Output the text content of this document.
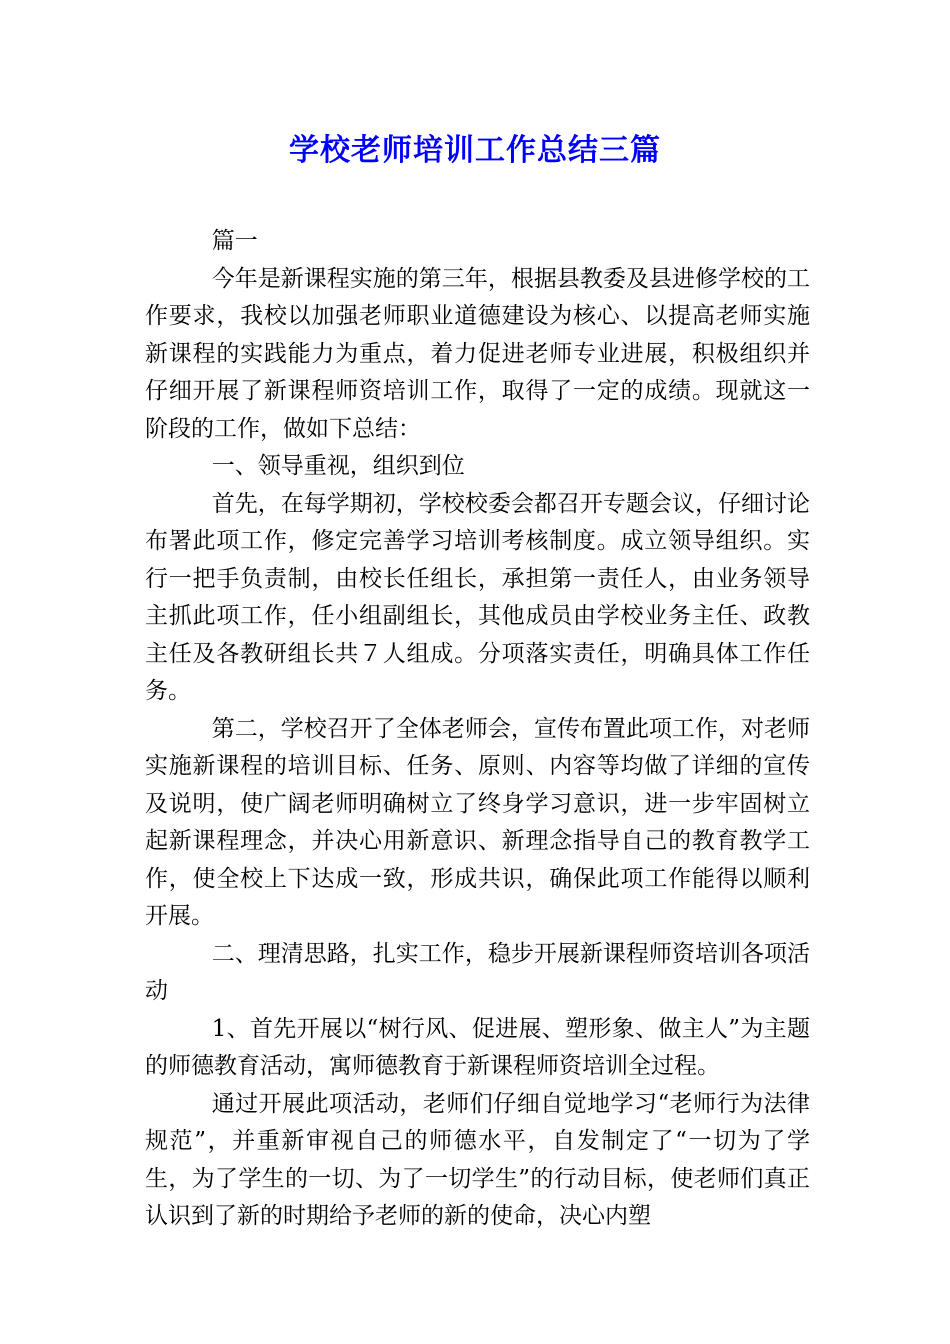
学校老师培训工作总结三篇

篇一

今年是新课程实施的第三年，根据县教委及县进修学校的工作要求，我校以加强老师职业道德建设为核心、以提高老师实施新课程的实践能力为重点，着力促进老师专业进展，积极组织并仔细开展了新课程师资培训工作，取得了一定的成绩。现就这一阶段的工作，做如下总结：

一、领导重视，组织到位

首先，在每学期初，学校校委会都召开专题会议，仔细讨论布署此项工作，修定完善学习培训考核制度。成立领导组织。实行一把手负责制，由校长任组长，承担第一责任人，由业务领导主抓此项工作，任小组副组长，其他成员由学校业务主任、政教主任及各教研组长共７人组成。分项落实责任，明确具体工作任务。

第二，学校召开了全体老师会，宣传布置此项工作，对老师实施新课程的培训目标、任务、原则、内容等均做了详细的宣传及说明，使广阔老师明确树立了终身学习意识，进一步牢固树立起新课程理念，并决心用新意识、新理念指导自己的教育教学工作，使全校上下达成一致，形成共识，确保此项工作能得以顺利开展。

二、理清思路，扎实工作，稳步开展新课程师资培训各项活动

1、首先开展以“树行风、促进展、塑形象、做主人”为主题的师德教育活动，寓师德教育于新课程师资培训全过程。

通过开展此项活动，老师们仔细自觉地学习“老师行为法律规范”，并重新审视自己的师德水平，自发制定了“一切为了学生，为了学生的一切、为了一切学生”的行动目标，使老师们真正认识到了新的时期给予老师的新的使命，决心内塑
